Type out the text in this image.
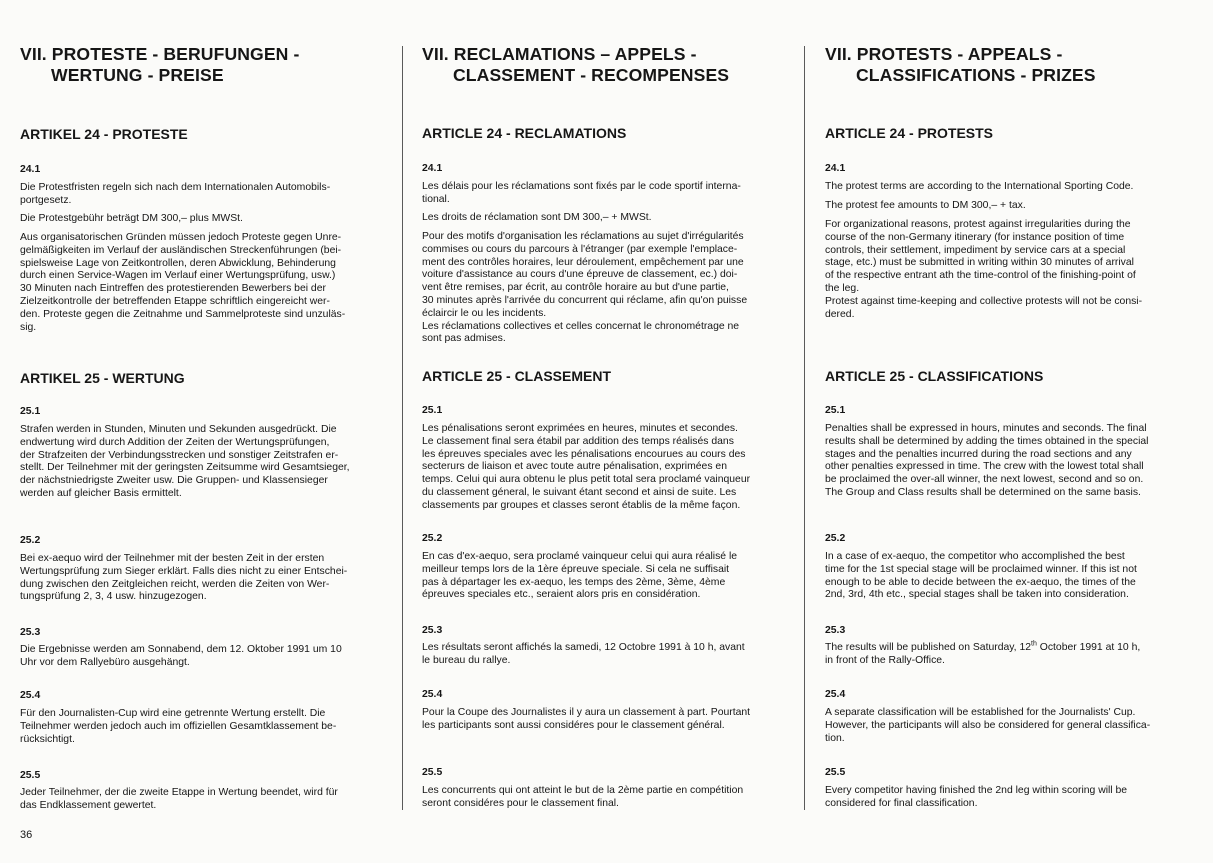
VII. PROTESTE - BERUFUNGEN -
WERTUNG - PREISE
ARTIKEL 24 - PROTESTE
24.1

Die Protestfristen regeln sich nach dem Internationalen Automobils-
portgesetz.

Die Protestgebühr beträgt DM 300,– plus MWSt.

Aus organisatorischen Gründen müssen jedoch Proteste gegen Unre-
gelmäßigkeiten im Verlauf der ausländischen Streckenführungen (bei-
spielsweise Lage von Zeitkontrollen, deren Abwicklung, Behinderung
durch einen Service-Wagen im Verlauf einer Wertungsprüfung, usw.)
30 Minuten nach Eintreffen des protestierenden Bewerbers bei der
Zielzeitkontrolle der betreffenden Etappe schriftlich eingereicht wer-
den. Proteste gegen die Zeitnahme und Sammelproteste sind unzuläs-
sig.

ARTIKEL 25 - WERTUNG
25.1

Strafen werden in Stunden, Minuten und Sekunden ausgedrückt. Die
endwertung wird durch Addition der Zeiten der Wertungsprüfungen,
der Strafzeiten der Verbindungsstrecken und sonstiger Zeitstrafen er-
stellt. Der Teilnehmer mit der geringsten Zeitsumme wird Gesamtsieger,
der nächstniedrigste Zweiter usw. Die Gruppen- und Klassensieger
werden auf gleicher Basis ermittelt.

25.2

Bei ex-aequo wird der Teilnehmer mit der besten Zeit in der ersten
Wertungsprüfung zum Sieger erklärt. Falls dies nicht zu einer Entschei-
dung zwischen den Zeitgleichen reicht, werden die Zeiten von Wer-
tungsprüfung 2, 3, 4 usw. hinzugezogen.

25.3

Die Ergebnisse werden am Sonnabend, dem 12. Oktober 1991 um 10
Uhr vor dem Rallyebüro ausgehängt.

25.4

Für den Journalisten-Cup wird eine getrennte Wertung erstellt. Die
Teilnehmer werden jedoch auch im offiziellen Gesamtklassement be-
rücksichtigt.

25.5

Jeder Teilnehmer, der die zweite Etappe in Wertung beendet, wird für
das Endklassement gewertet.

VII. RECLAMATIONS – APPELS -
CLASSEMENT - RECOMPENSES
ARTICLE 24 - RECLAMATIONS
24.1

Les délais pour les réclamations sont fixés par le code sportif interna-
tional.

Les droits de réclamation sont DM 300,– + MWSt.

Pour des motifs d'organisation les réclamations au sujet d'irrégularités
commises ou cours du parcours à l'étranger (par exemple l'emplace-
ment des contrôles horaires, leur déroulement, empêchement par une
voiture d'assistance au cours d'une épreuve de classement, ec.) doi-
vent être remises, par écrit, au contrôle horaire au but d'une partie,
30 minutes après l'arrivée du concurrent qui réclame, afin qu'on puisse
éclaircir le ou les incidents.
Les réclamations collectives et celles concernat le chronométrage ne
sont pas admises.

ARTICLE 25 - CLASSEMENT
25.1

Les pénalisations seront exprimées en heures, minutes et secondes.
Le classement final sera étabil par addition des temps réalisés dans
les épreuves speciales avec les pénalisations encourues au cours des
secterurs de liaison et avec toute autre pénalisation, exprimées en
temps. Celui qui aura obtenu le plus petit total sera proclamé vainqueur
du classement géneral, le suivant étant second et ainsi de suite. Les
classements par groupes et classes seront établis de la même façon.

25.2

En cas d'ex-aequo, sera proclamé vainqueur celui qui aura réalisé le
meilleur temps lors de la 1ère épreuve speciale. Si cela ne suffisait
pas à départager les ex-aequo, les temps des 2ème, 3ème, 4ème
épreuves speciales etc., seraient alors pris en considération.

25.3

Les résultats seront affichés la samedi, 12 Octobre 1991 à 10 h, avant
le bureau du rallye.

25.4

Pour la Coupe des Journalistes il y aura un classement à part. Pourtant
les participants sont aussi considéres pour le classement général.

25.5

Les concurrents qui ont atteint le but de la 2ème partie en compétition
seront considéres pour le classement final.

VII. PROTESTS - APPEALS -
CLASSIFICATIONS - PRIZES
ARTICLE 24 - PROTESTS
24.1

The protest terms are according to the International Sporting Code.

The protest fee amounts to DM 300,– + tax.

For organizational reasons, protest against irregularities during the
course of the non-Germany itinerary (for instance position of time
controls, their settlement, impediment by service cars at a special
stage, etc.) must be submitted in writing within 30 minutes of arrival
of the respective entrant ath the time-control of the finishing-point of
the leg.
Protest against time-keeping and collective protests will not be consi-
dered.

ARTICLE 25 - CLASSIFICATIONS
25.1

Penalties shall be expressed in hours, minutes and seconds. The final
results shall be determined by adding the times obtained in the special
stages and the penalties incurred during the road sections and any
other penalties expressed in time. The crew with the lowest total shall
be proclaimed the over-all winner, the next lowest, second and so on.
The Group and Class results shall be determined on the same basis.

25.2

In a case of ex-aequo, the competitor who accomplished the best
time for the 1st special stage will be proclaimed winner. If this ist not
enough to be able to decide between the ex-aequo, the times of the
2nd, 3rd, 4th etc., special stages shall be taken into consideration.

25.3

The results will be published on Saturday, 12th October 1991 at 10 h,
in front of the Rally-Office.

25.4

A separate classification will be established for the Journalists' Cup.
However, the participants will also be considered for general classifica-
tion.

25.5

Every competitor having finished the 2nd leg within scoring will be
considered for final classification.

36
